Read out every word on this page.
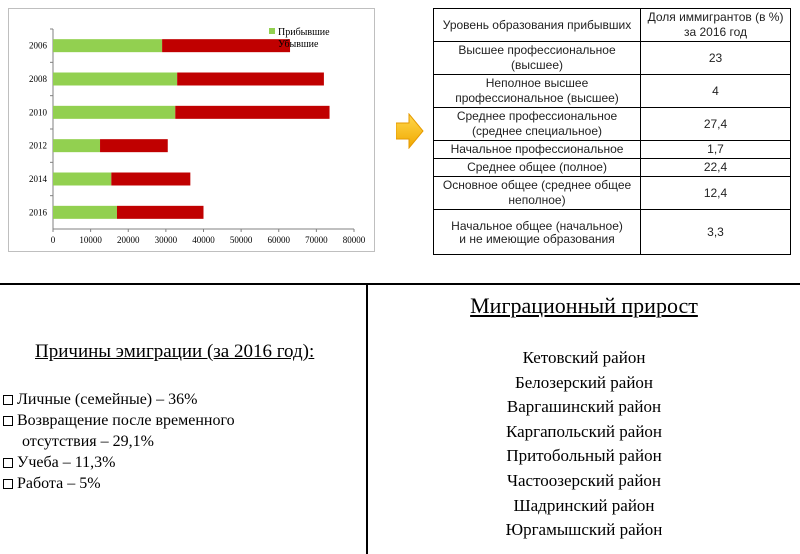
0	10000 20000 30000 40000 50000 60000 70000 80000
2006
2008
2010
2012
2014
2016
Прибывшие
Убывшие
Уровень образования прибывших	Доля иммигрантов (в %) за 2016 год
Высшее профессиональное (высшее)	23
Неполное высшее профессиональное (высшее)	4
Среднее профессиональное (среднее специальное)	27,4
Начальное профессиональное	1,7
Среднее общее (полное)	22,4
Основное общее (среднее общее неполное)	12,4
Начальное общее (начальное)
и не имеющие образования	3,3
Причины эмиграции (за 2016 год):
Личные (семейные) – 36%
Возвращение после временного
отсутствия – 29,1%
Учеба – 11,3%
Работа – 5%
Миграционный прирост
Кетовский район
Белозерский район
Варгашинский район
Каргапольский район
Притобольный район
Частоозерский район
Шадринский район
Юргамышский район
